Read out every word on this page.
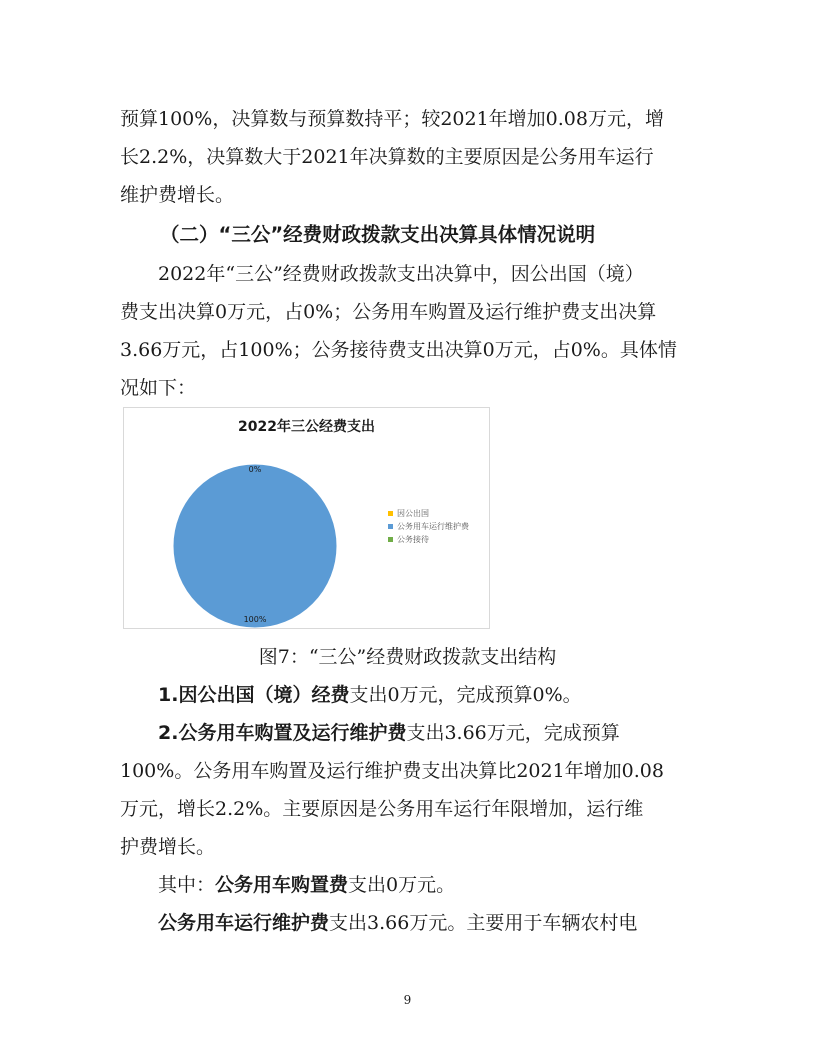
预算100%，决算数与预算数持平；较2021年增加0.08万元，增
长2.2%，决算数大于2021年决算数的主要原因是公务用车运行
维护费增长。
（二）“三公”经费财政拨款支出决算具体情况说明
2022年“三公”经费财政拨款支出决算中，因公出国（境）
费支出决算0万元，占0%；公务用车购置及运行维护费支出决算
3.66万元，占100%；公务接待费支出决算0万元，占0%。具体情
况如下：
2022年三公经费支出
0%
100%
因公出国
公务用车运行维护费
公务接待
图7：“三公”经费财政拨款支出结构
1.因公出国（境）经费支出0万元，完成预算0%。
2.公务用车购置及运行维护费支出3.66万元，完成预算
100%。公务用车购置及运行维护费支出决算比2021年增加0.08
万元，增长2.2%。主要原因是公务用车运行年限增加，运行维
护费增长。
其中：公务用车购置费支出0万元。
公务用车运行维护费支出3.66万元。主要用于车辆农村电
9
